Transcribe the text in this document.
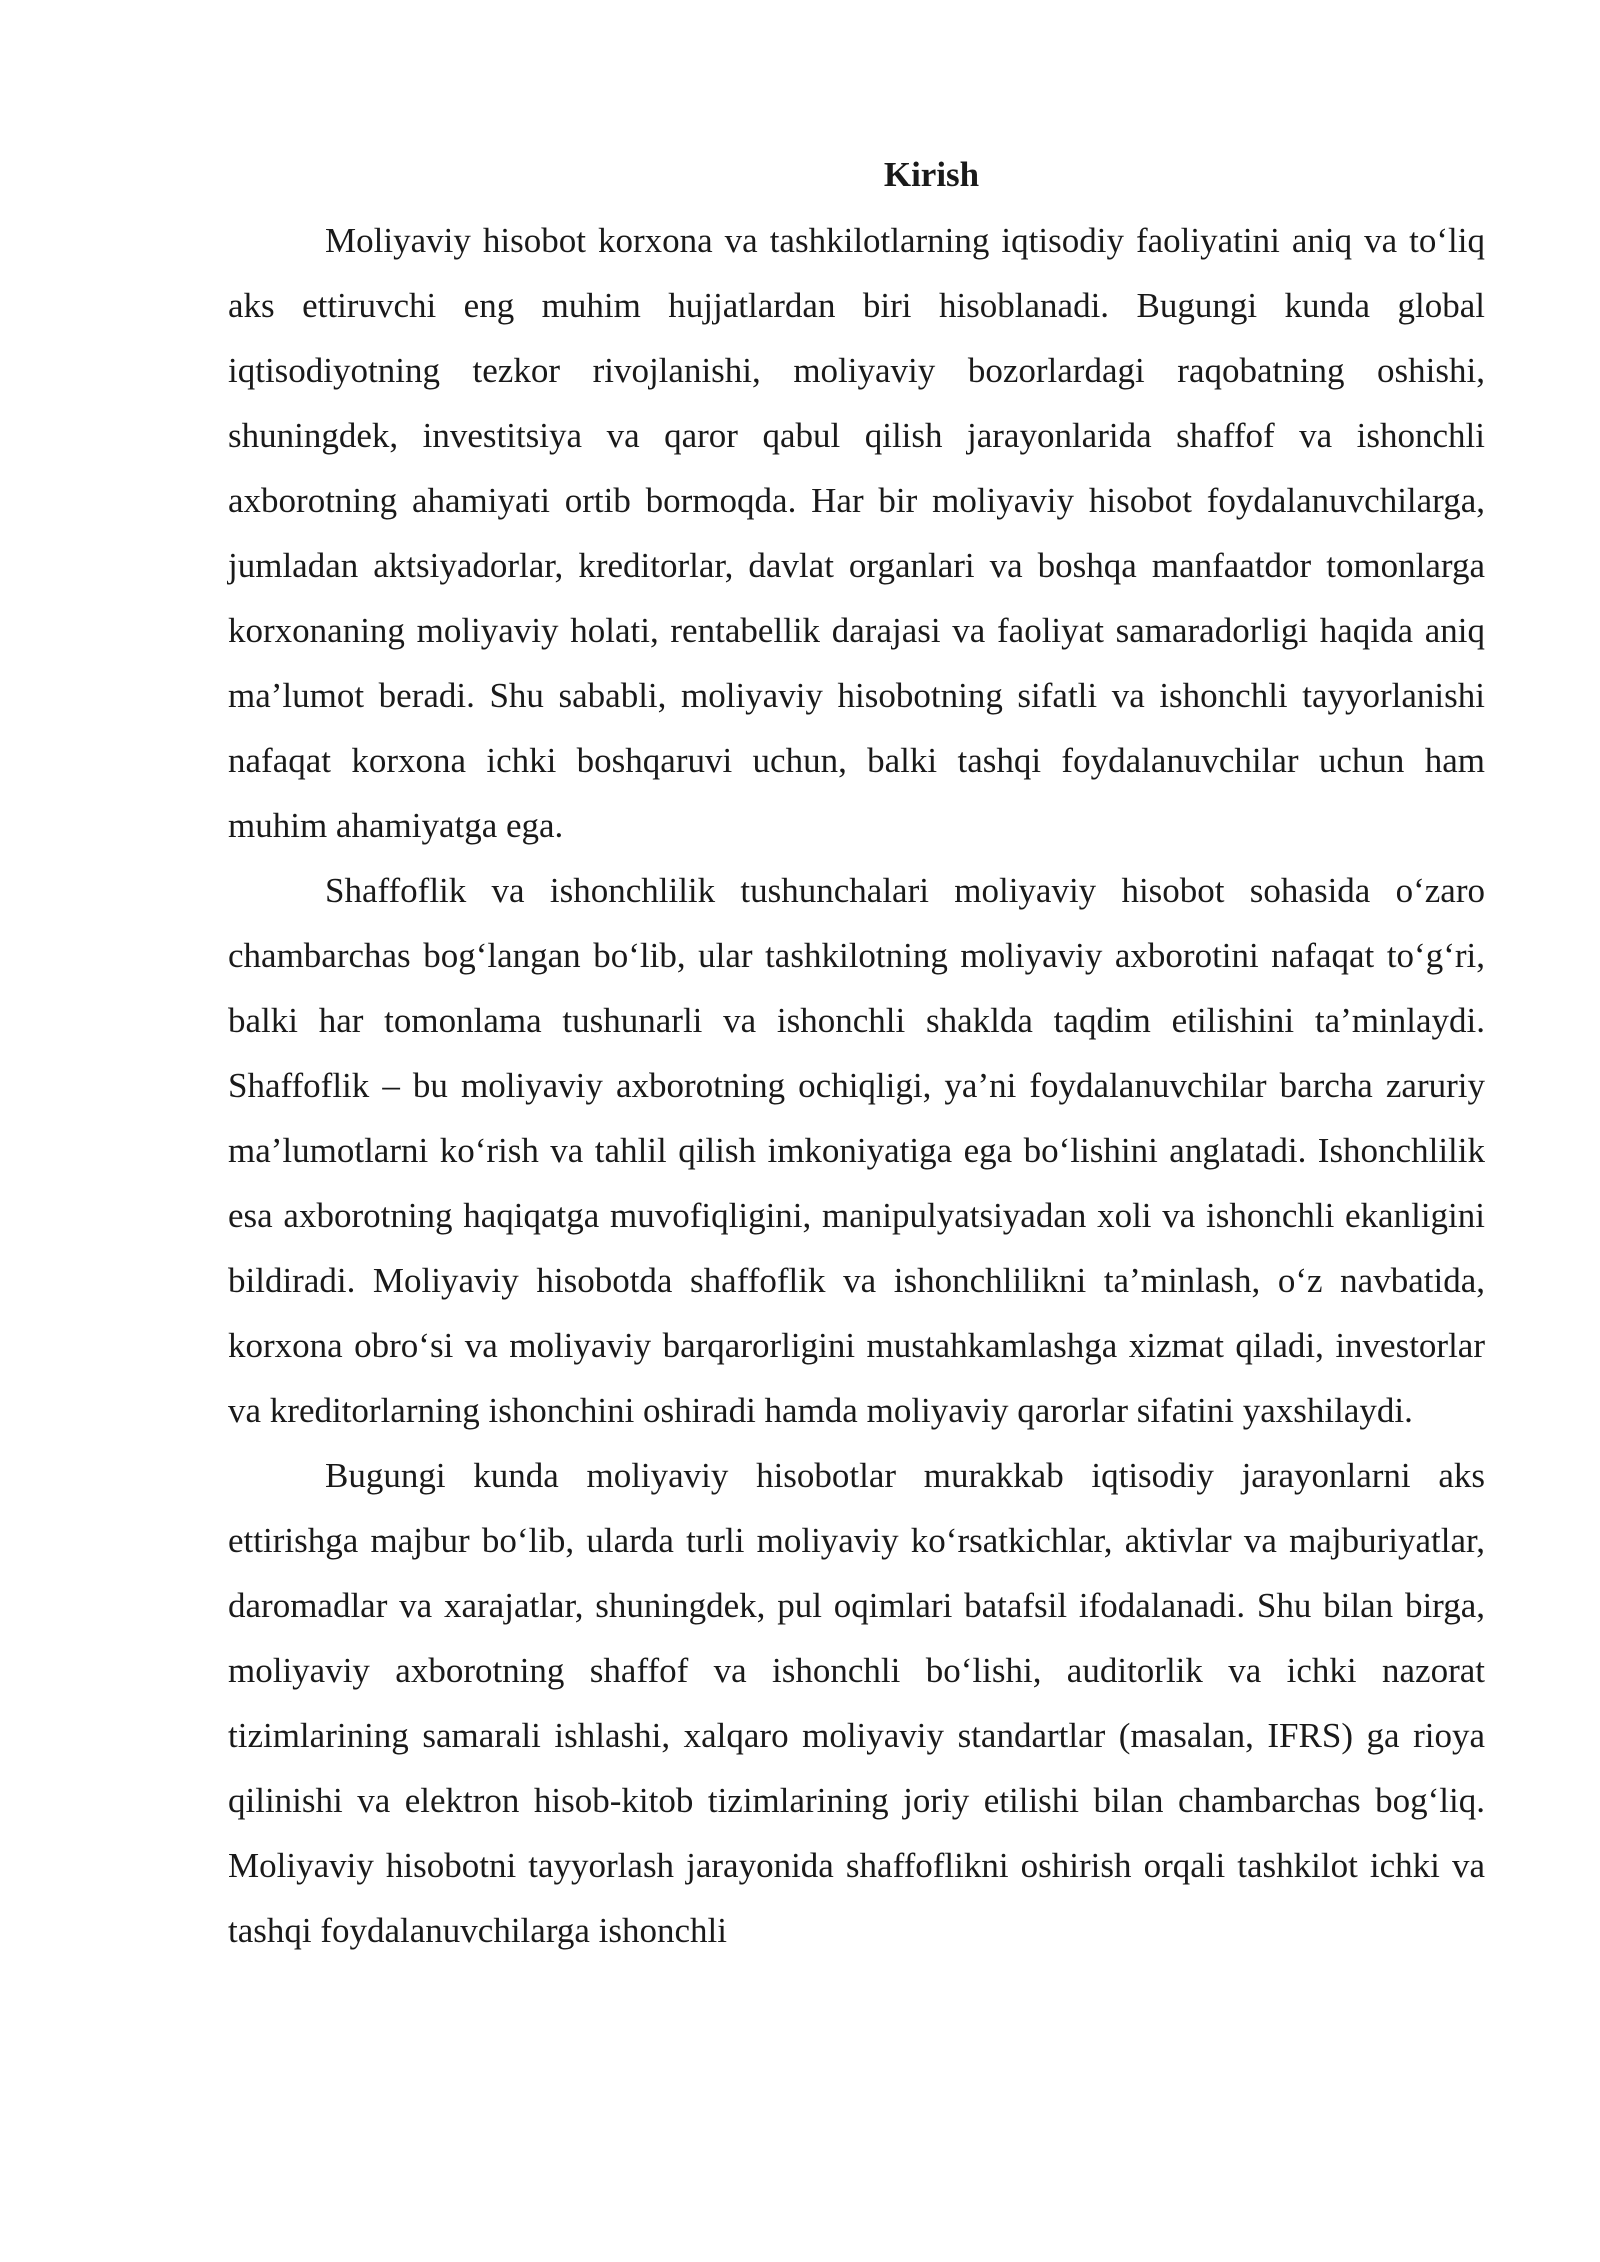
Kirish

Moliyaviy hisobot korxona va tashkilotlarning iqtisodiy faoliyatini aniq va to‘liq aks ettiruvchi eng muhim hujjatlardan biri hisoblanadi. Bugungi kunda global iqtisodiyotning tezkor rivojlanishi, moliyaviy bozorlardagi raqobatning oshishi, shuningdek, investitsiya va qaror qabul qilish jarayonlarida shaffof va ishonchli axborotning ahamiyati ortib bormoqda. Har bir moliyaviy hisobot foydalanuvchilarga, jumladan aktsiyadorlar, kreditorlar, davlat organlari va boshqa manfaatdor tomonlarga korxonaning moliyaviy holati, rentabellik darajasi va faoliyat samaradorligi haqida aniq ma’lumot beradi. Shu sababli, moliyaviy hisobotning sifatli va ishonchli tayyorlanishi nafaqat korxona ichki boshqaruvi uchun, balki tashqi foydalanuvchilar uchun ham muhim ahamiyatga ega.

Shaffoflik va ishonchlilik tushunchalari moliyaviy hisobot sohasida o‘zaro chambarchas bog‘langan bo‘lib, ular tashkilotning moliyaviy axborotini nafaqat to‘g‘ri, balki har tomonlama tushunarli va ishonchli shaklda taqdim etilishini ta’minlaydi. Shaffoflik – bu moliyaviy axborotning ochiqligi, ya’ni foydalanuvchilar barcha zaruriy ma’lumotlarni ko‘rish va tahlil qilish imkoniyatiga ega bo‘lishini anglatadi. Ishonchlilik esa axborotning haqiqatga muvofiqligini, manipulyatsiyadan xoli va ishonchli ekanligini bildiradi. Moliyaviy hisobotda shaffoflik va ishonchlilikni ta’minlash, o‘z navbatida, korxona obro‘si va moliyaviy barqarorligini mustahkamlashga xizmat qiladi, investorlar va kreditorlarning ishonchini oshiradi hamda moliyaviy qarorlar sifatini yaxshilaydi.

Bugungi kunda moliyaviy hisobotlar murakkab iqtisodiy jarayonlarni aks ettirishga majbur bo‘lib, ularda turli moliyaviy ko‘rsatkichlar, aktivlar va majburiyatlar, daromadlar va xarajatlar, shuningdek, pul oqimlari batafsil ifodalanadi. Shu bilan birga, moliyaviy axborotning shaffof va ishonchli bo‘lishi, auditorlik va ichki nazorat tizimlarining samarali ishlashi, xalqaro moliyaviy standartlar (masalan, IFRS) ga rioya qilinishi va elektron hisob-kitob tizimlarining joriy etilishi bilan chambarchas bog‘liq. Moliyaviy hisobotni tayyorlash jarayonida shaffoflikni oshirish orqali tashkilot ichki va tashqi foydalanuvchilarga ishonchli
